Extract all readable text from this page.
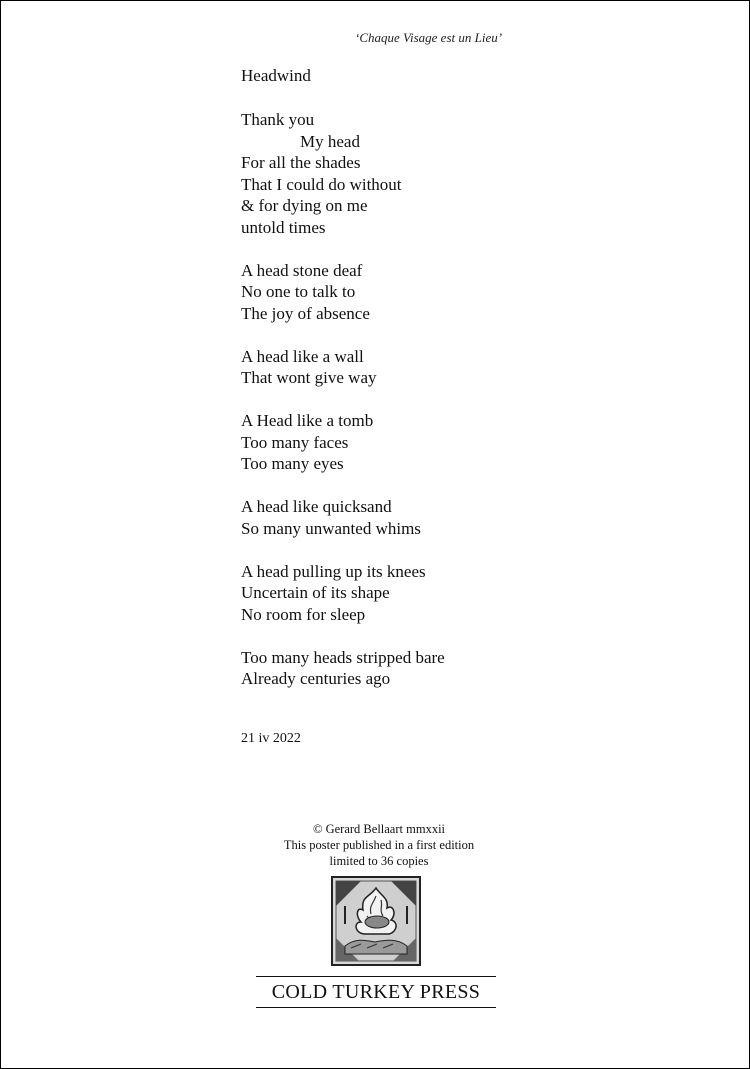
‘Chaque Visage est un Lieu’
Headwind
Thank you
My head
For all the shades
That I could do without
& for dying on me
untold times
A head stone deaf
No one to talk to
The joy of absence
A head like a wall
That wont give way
A Head like a tomb
Too many faces
Too many eyes
A head like quicksand
So many unwanted whims
A head pulling up its knees
Uncertain of its shape
No room for sleep
Too many heads stripped bare
Already centuries ago
21 iv 2022
© Gerard Bellaart mmxxii
This poster published in a first edition
limited to 36 copies
COLD TURKEY PRESS
